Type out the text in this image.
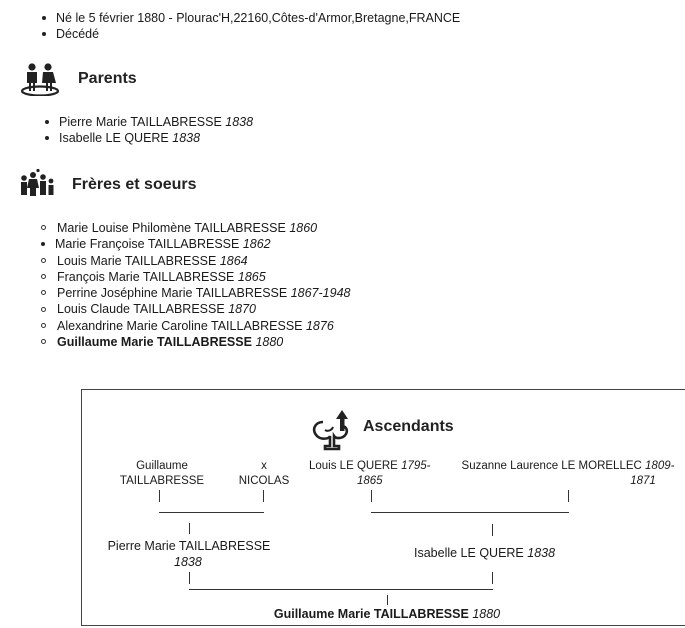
Né le 5 février 1880 - Plourac'H,22160,Côtes-d'Armor,Bretagne,FRANCE
Décédé
Parents
Pierre Marie TAILLABRESSE 1838
Isabelle LE QUERE 1838
Frères et soeurs
Marie Louise Philomène TAILLABRESSE 1860
Marie Françoise TAILLABRESSE 1862
Louis Marie TAILLABRESSE 1864
François Marie TAILLABRESSE 1865
Perrine Joséphine Marie TAILLABRESSE 1867-1948
Louis Claude TAILLABRESSE 1870
Alexandrine Marie Caroline TAILLABRESSE 1876
Guillaume Marie TAILLABRESSE 1880
Ascendants
Guillaume
TAILLABRESSE
x
NICOLAS
Louis LE QUERE 1795-
1865
Suzanne Laurence LE MORELLEC 1809-
1871
Pierre Marie TAILLABRESSE
1838
Isabelle LE QUERE 1838
Guillaume Marie TAILLABRESSE 1880
